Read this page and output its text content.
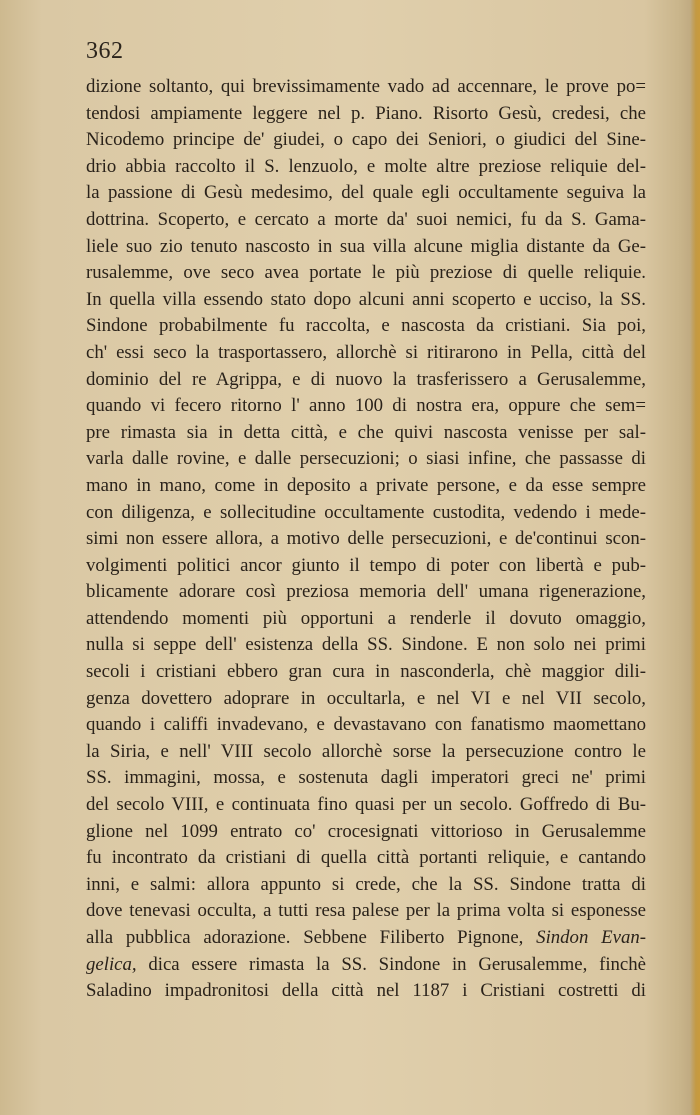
362
dizione soltanto, qui brevissimamente vado ad accennare, le prove po=
tendosi ampiamente leggere nel p. Piano. Risorto Gesù, credesi, che
Nicodemo principe de' giudei, o capo dei Seniori, o giudici del Sine-
drio abbia raccolto il S. lenzuolo, e molte altre preziose reliquie del-
la passione di Gesù medesimo, del quale egli occultamente seguiva la
dottrina. Scoperto, e cercato a morte da' suoi nemici, fu da S. Gama-
liele suo zio tenuto nascosto in sua villa alcune miglia distante da Ge-
rusalemme, ove seco avea portate le più preziose di quelle reliquie.
In quella villa essendo stato dopo alcuni anni scoperto e ucciso, la SS.
Sindone probabilmente fu raccolta, e nascosta da cristiani. Sia poi,
ch' essi seco la trasportassero, allorchè si ritirarono in Pella, città del
dominio del re Agrippa, e di nuovo la trasferissero a Gerusalemme,
quando vi fecero ritorno l' anno 100 di nostra era, oppure che sem=
pre rimasta sia in detta città, e che quivi nascosta venisse per sal-
varla dalle rovine, e dalle persecuzioni; o siasi infine, che passasse di
mano in mano, come in deposito a private persone, e da esse sempre
con diligenza, e sollecitudine occultamente custodita, vedendo i mede-
simi non essere allora, a motivo delle persecuzioni, e de'continui scon-
volgimenti politici ancor giunto il tempo di poter con libertà e pub-
blicamente adorare così preziosa memoria dell' umana rigenerazione,
attendendo momenti più opportuni a renderle il dovuto omaggio,
nulla si seppe dell' esistenza della SS. Sindone. E non solo nei primi
secoli i cristiani ebbero gran cura in nasconderla, chè maggior dili-
genza dovettero adoprare in occultarla, e nel VI e nel VII secolo,
quando i califfi invadevano, e devastavano con fanatismo maomettano
la Siria, e nell' VIII secolo allorchè sorse la persecuzione contro le
SS. immagini, mossa, e sostenuta dagli imperatori greci ne' primi
del secolo VIII, e continuata fino quasi per un secolo. Goffredo di Bu-
glione nel 1099 entrato co' crocesignati vittorioso in Gerusalemme
fu incontrato da cristiani di quella città portanti reliquie, e cantando
inni, e salmi: allora appunto si crede, che la SS. Sindone tratta di
dove tenevasi occulta, a tutti resa palese per la prima volta si esponesse
alla pubblica adorazione. Sebbene Filiberto Pignone, Sindon Evan-
gelica, dica essere rimasta la SS. Sindone in Gerusalemme, finchè
Saladino impadronitosi della città nel 1187 i Cristiani costretti di
